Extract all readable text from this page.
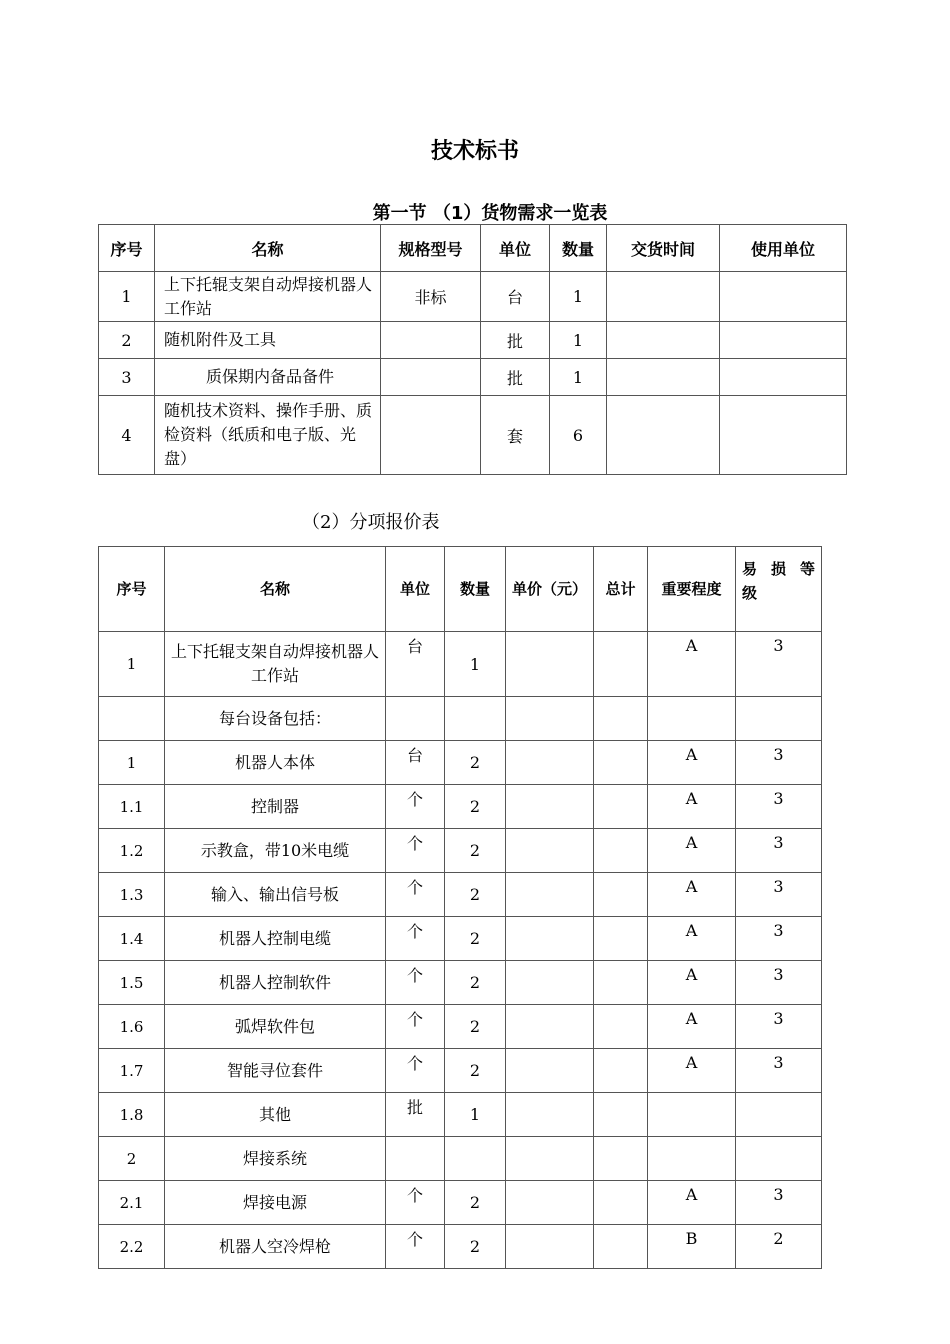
技术标书
第一节 （1）货物需求一览表
序号	名称	规格型号	单位	数量	交货时间	使用单位
1	上下托辊支架自动焊接机器人工作站	非标	台	1		
2	随机附件及工具		批	1		
3	质保期内备品备件		批	1		
4	随机技术资料、操作手册、质检资料（纸质和电子版、光盘）		套	6		
（2）分项报价表
序号	名称	单位	数量	单价（元）	总计	重要程度	易 损 等 级
1	上下托辊支架自动焊接机器人工作站	台	1			A	3
	每台设备包括：						
1	机器人本体	台	2			A	3
1.1	控制器	个	2			A	3
1.2	示教盒，带10米电缆	个	2			A	3
1.3	输入、输出信号板	个	2			A	3
1.4	机器人控制电缆	个	2			A	3
1.5	机器人控制软件	个	2			A	3
1.6	弧焊软件包	个	2			A	3
1.7	智能寻位套件	个	2			A	3
1.8	其他	批	1				
2	焊接系统						
2.1	焊接电源	个	2			A	3
2.2	机器人空冷焊枪	个	2			B	2
